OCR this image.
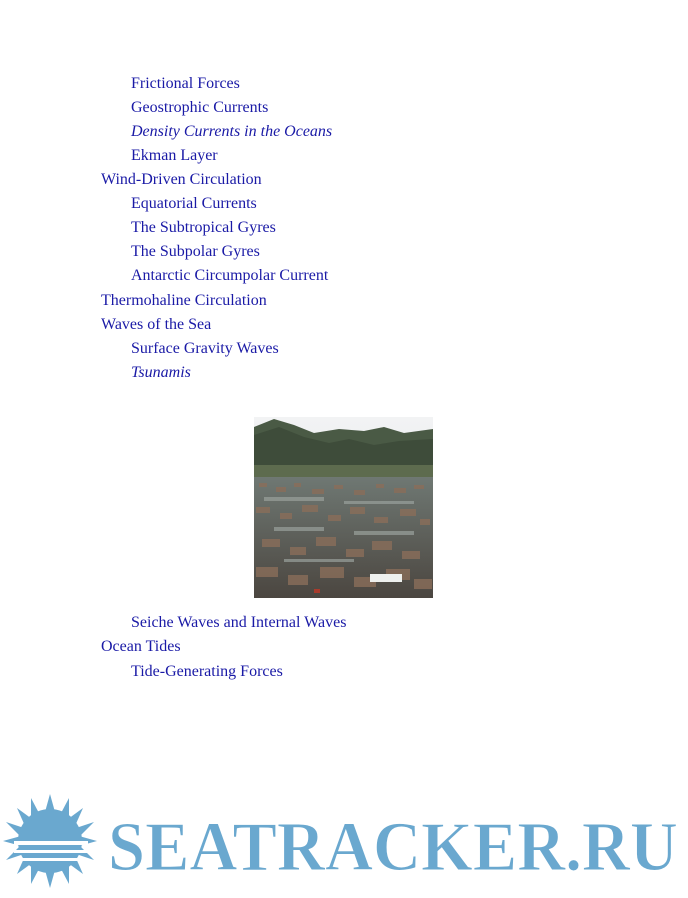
Frictional Forces
Geostrophic Currents
Density Currents in the Oceans
Ekman Layer
Wind-Driven Circulation
Equatorial Currents
The Subtropical Gyres
The Subpolar Gyres
Antarctic Circumpolar Current
Thermohaline Circulation
Waves of the Sea
Surface Gravity Waves
Tsunamis
Seiche Waves and Internal Waves
Ocean Tides
Tide-Generating Forces
SEATRACKER.RU
